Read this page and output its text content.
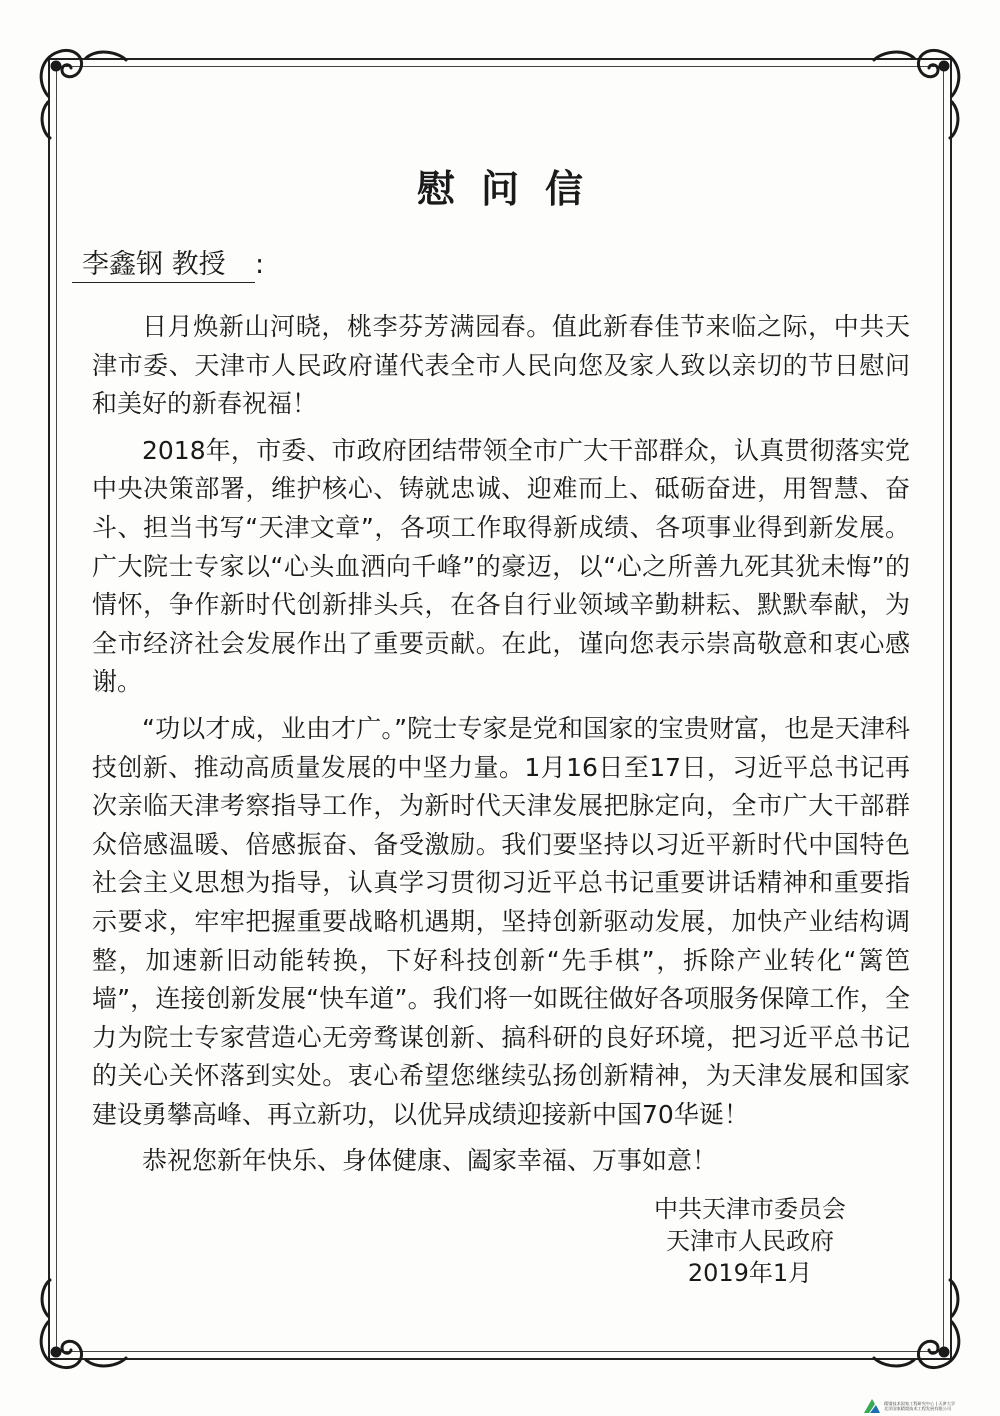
慰问信
李鑫钢 教授 :

日月焕新山河晓，桃李芬芳满园春。值此新春佳节来临之际，中共天津市委、天津市人民政府谨代表全市人民向您及家人致以亲切的节日慰问和美好的新春祝福！

2018年，市委、市政府团结带领全市广大干部群众，认真贯彻落实党中央决策部署，维护核心、铸就忠诚、迎难而上、砥砺奋进，用智慧、奋斗、担当书写“天津文章”，各项工作取得新成绩、各项事业得到新发展。广大院士专家以“心头血洒向千峰”的豪迈，以“心之所善九死其犹未悔”的情怀，争作新时代创新排头兵，在各自行业领域辛勤耕耘、默默奉献，为全市经济社会发展作出了重要贡献。在此，谨向您表示崇高敬意和衷心感谢。

“功以才成，业由才广。”院士专家是党和国家的宝贵财富，也是天津科技创新、推动高质量发展的中坚力量。1月16日至17日，习近平总书记再次亲临天津考察指导工作，为新时代天津发展把脉定向，全市广大干部群众倍感温暖、倍感振奋、备受激励。我们要坚持以习近平新时代中国特色社会主义思想为指导，认真学习贯彻习近平总书记重要讲话精神和重要指示要求，牢牢把握重要战略机遇期，坚持创新驱动发展，加快产业结构调整，加速新旧动能转换，下好科技创新“先手棋”，拆除产业转化“篱笆墙”，连接创新发展“快车道”。我们将一如既往做好各项服务保障工作，全力为院士专家营造心无旁骛谋创新、搞科研的良好环境，把习近平总书记的关心关怀落到实处。衷心希望您继续弘扬创新精神，为天津发展和国家建设勇攀高峰、再立新功，以优异成绩迎接新中国70华诞！

恭祝您新年快乐、身体健康、阖家幸福、万事如意！

中共天津市委员会
天津市人民政府
2019年1月
精馏技术国家工程研究中心 | 天津大学
北洋国家精馏技术工程发展有限公司
